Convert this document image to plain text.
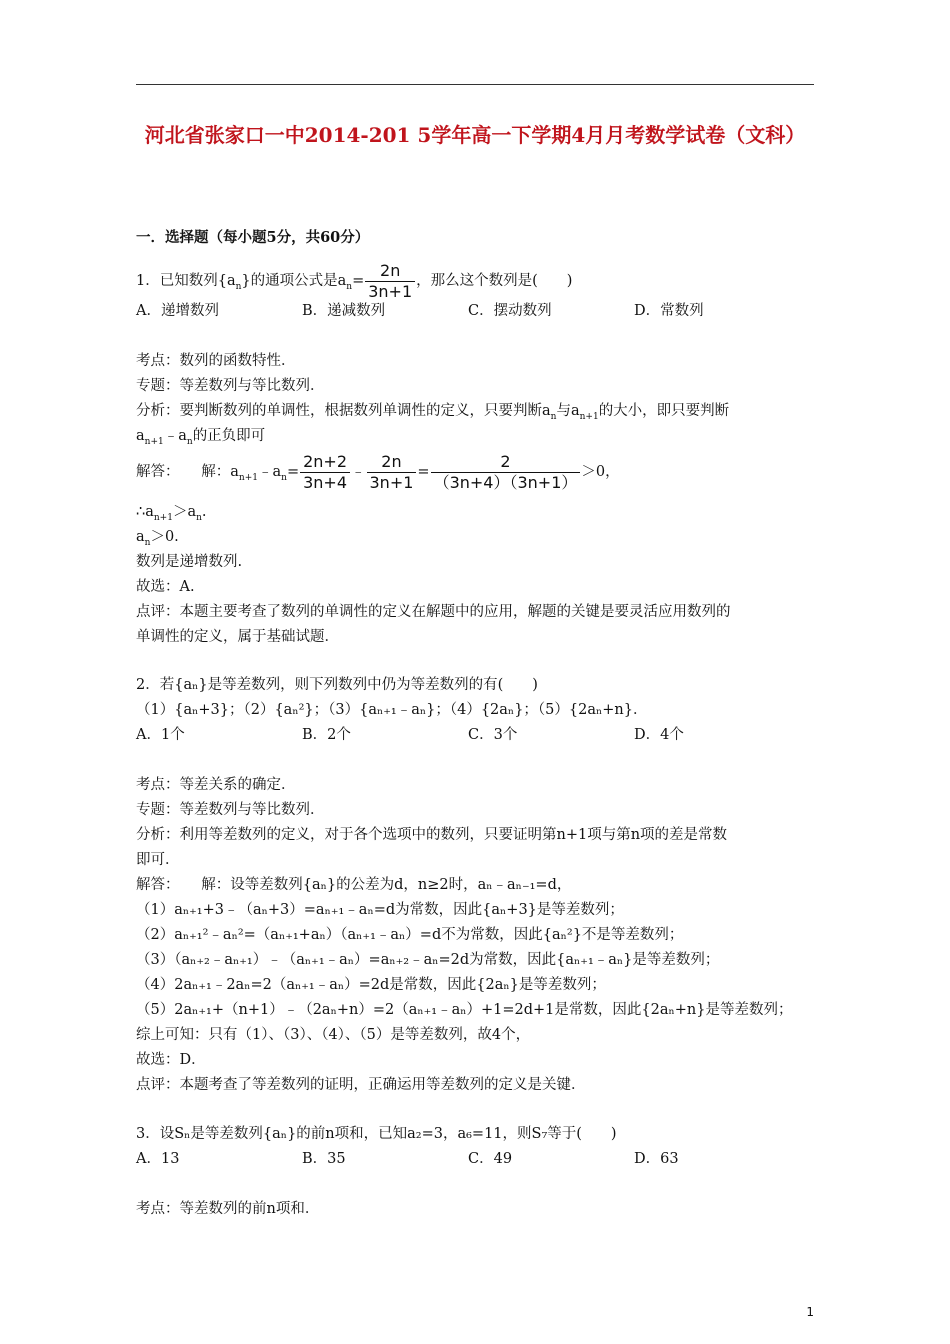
河北省张家口一中2014-201 5学年高一下学期4月月考数学试卷（文科）
一．选择题（每小题5分，共60分）
1．已知数列$\{a_n\}$的通项公式是$a_n= \frac{2n}{3n+1}$ ，那么这个数列是(　　)
A．递增数列	B．递减数列	C．摆动数列	D．常数列
考点：数列的函数特性．
专题：等差数列与等比数列．
分析：要判断数列的单调性，根据数列单调性的定义，只要判断$a_n$与$a_{n+1}$的大小，即只要判断
$a_{n+1}﹣a_n$的正负即可
解答：　　解：$a_{n+1}﹣a_n= \frac{2n+2}{3n+4}$ ﹣ $\frac{2n}{3n+1} = \frac{2}{(3n+4)(3n+1)} >0$，
$\therefore a_{n+1}>a_n$.
$a_n>0$.
数列是递增数列.
故选：A.
点评：本题主要考查了数列的单调性的定义在解题中的应用，解题的关键是要灵活应用数列的
单调性的定义，属于基础试题．
2．若{aₙ}是等差数列，则下列数列中仍为等差数列的有(　　)
（1）{aₙ+3}；（2）{aₙ²}；（3）{aₙ₊₁﹣aₙ}；（4）{2aₙ}；（5）{2aₙ+n}．
A．1个	B．2个	C．3个	D．4个
考点：等差关系的确定．
专题：等差数列与等比数列．
分析：利用等差数列的定义，对于各个选项中的数列，只要证明第n+1项与第n项的差是常数
即可．
解答：　　解：设等差数列{aₙ}的公差为d，n≥2时，aₙ﹣aₙ₋₁=d，
（1）aₙ₊₁+3﹣（aₙ+3）=aₙ₊₁﹣aₙ=d为常数，因此{aₙ+3}是等差数列；
（2）aₙ₊₁²﹣aₙ²=（aₙ₊₁+aₙ）（aₙ₊₁﹣aₙ）=d不为常数，因此{aₙ²}不是等差数列；
（3）（aₙ₊₂﹣aₙ₊₁）﹣（aₙ₊₁﹣aₙ）=aₙ₊₂﹣aₙ=2d为常数，因此{aₙ₊₁﹣aₙ}是等差数列；
（4）2aₙ₊₁﹣2aₙ=2（aₙ₊₁﹣aₙ）=2d是常数，因此{2aₙ}是等差数列；
（5）2aₙ₊₁+（n+1）﹣（2aₙ+n）=2（aₙ₊₁﹣aₙ）+1=2d+1是常数，因此{2aₙ+n}是等差数列；
综上可知：只有（1）、（3）、（4）、（5）是等差数列，故4个，
故选：D．
点评：本题考查了等差数列的证明，正确运用等差数列的定义是关键．
3．设Sₙ是等差数列{aₙ}的前n项和，已知a₂=3，a₆=11，则S₇等于(　　)
A．13	B．35	C．49	D．63
考点：等差数列的前n项和．
1
